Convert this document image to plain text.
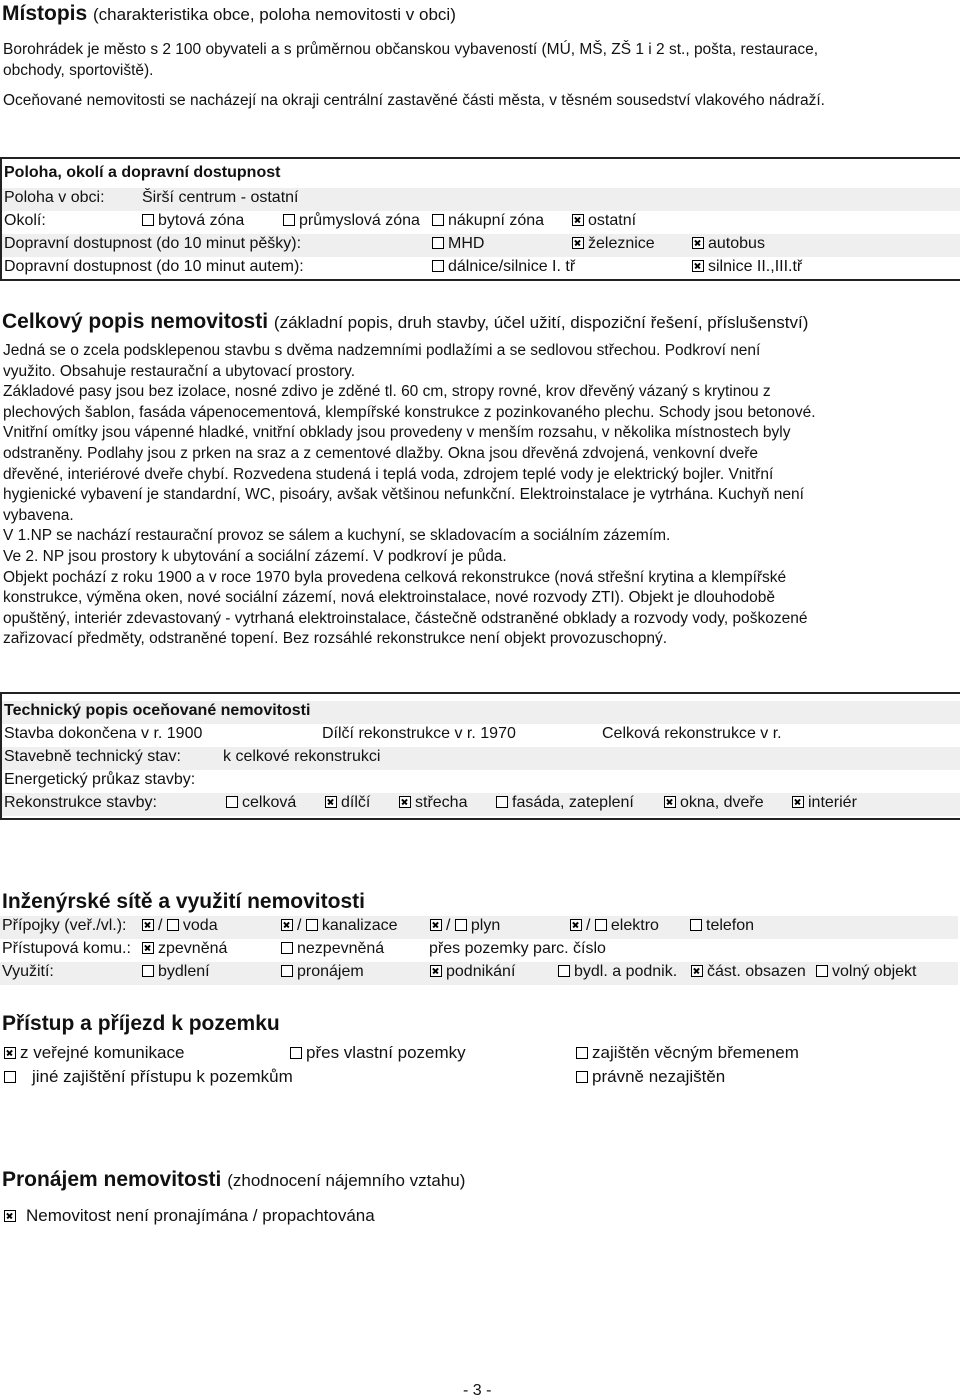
Místopis (charakteristika obce, poloha nemovitosti v obci)
Borohrádek je město s 2 100 obyvateli a s průměrnou občanskou vybaveností (MÚ, MŠ, ZŠ 1 i 2 st., pošta, restaurace,
obchody, sportoviště).
Oceňované nemovitosti se nacházejí na okraji centrální zastavěné části města, v těsném sousedství vlakového nádraží.
Poloha, okolí a dopravní dostupnost
Poloha v obci: Širší centrum - ostatní
Okolí:	bytová zóna	průmyslová zóna	nákupní zóna	ostatní
Dopravní dostupnost (do 10 minut pěšky):	MHD	železnice	autobus
Dopravní dostupnost (do 10 minut autem):	dálnice/silnice I. tř	silnice II.,III.tř
Celkový popis nemovitosti (základní popis, druh stavby, účel užití, dispoziční řešení, příslušenství)
Jedná se o zcela podsklepenou stavbu s dvěma nadzemními podlažími a se sedlovou střechou. Podkroví není
využito. Obsahuje restaurační a ubytovací prostory.
Základové pasy jsou bez izolace, nosné zdivo je zděné tl. 60 cm, stropy rovné, krov dřevěný vázaný s krytinou z
plechových šablon, fasáda vápenocementová, klempířské konstrukce z pozinkovaného plechu. Schody jsou betonové.
Vnitřní omítky jsou vápenné hladké, vnitřní obklady jsou provedeny v menším rozsahu, v několika místnostech byly
odstraněny. Podlahy jsou z prken na sraz a z cementové dlažby. Okna jsou dřevěná zdvojená, venkovní dveře
dřevěné, interiérové dveře chybí. Rozvedena studená i teplá voda, zdrojem teplé vody je elektrický bojler. Vnitřní
hygienické vybavení je standardní, WC, pisoáry, avšak většinou nefunkční. Elektroinstalace je vytrhána. Kuchyň není
vybavena.
V 1.NP se nachází restaurační provoz se sálem a kuchyní, se skladovacím a sociálním zázemím.
Ve 2. NP jsou prostory k ubytování a sociální zázemí. V podkroví je půda.
Objekt pochází z roku 1900 a v roce 1970 byla provedena celková rekonstrukce (nová střešní krytina a klempířské
konstrukce, výměna oken, nové sociální zázemí, nová elektroinstalace, nové rozvody ZTI). Objekt je dlouhodobě
opuštěný, interiér zdevastovaný - vytrhaná elektroinstalace, částečně odstraněné obklady a rozvody vody, poškozené
zařizovací předměty, odstraněné topení. Bez rozsáhlé rekonstrukce není objekt provozuschopný.
Technický popis oceňované nemovitosti
Stavba dokončena v r. 1900	Dílčí rekonstrukce v r. 1970	Celková rekonstrukce v r.
Stavebně technický stav:	k celkové rekonstrukci
Energetický průkaz stavby:
Rekonstrukce stavby:	celková	dílčí	střecha	fasáda, zateplení	okna, dveře	interiér
Inženýrské sítě a využití nemovitosti
Přípojky (veř./vl.):	/ voda	/ kanalizace	/ plyn	/ elektro	telefon
Přístupová komu.:	zpevněná	nezpevněná	přes pozemky parc. číslo
Využití:	bydlení	pronájem	podnikání	bydl. a podnik.	část. obsazen	volný objekt
Přístup a příjezd k pozemku
z veřejné komunikace	přes vlastní pozemky	zajištěn věcným břemenem
jiné zajištění přístupu k pozemkům	právně nezajištěn
Pronájem nemovitosti (zhodnocení nájemního vztahu)
Nemovitost není pronajímána / propachtována
- 3 -
